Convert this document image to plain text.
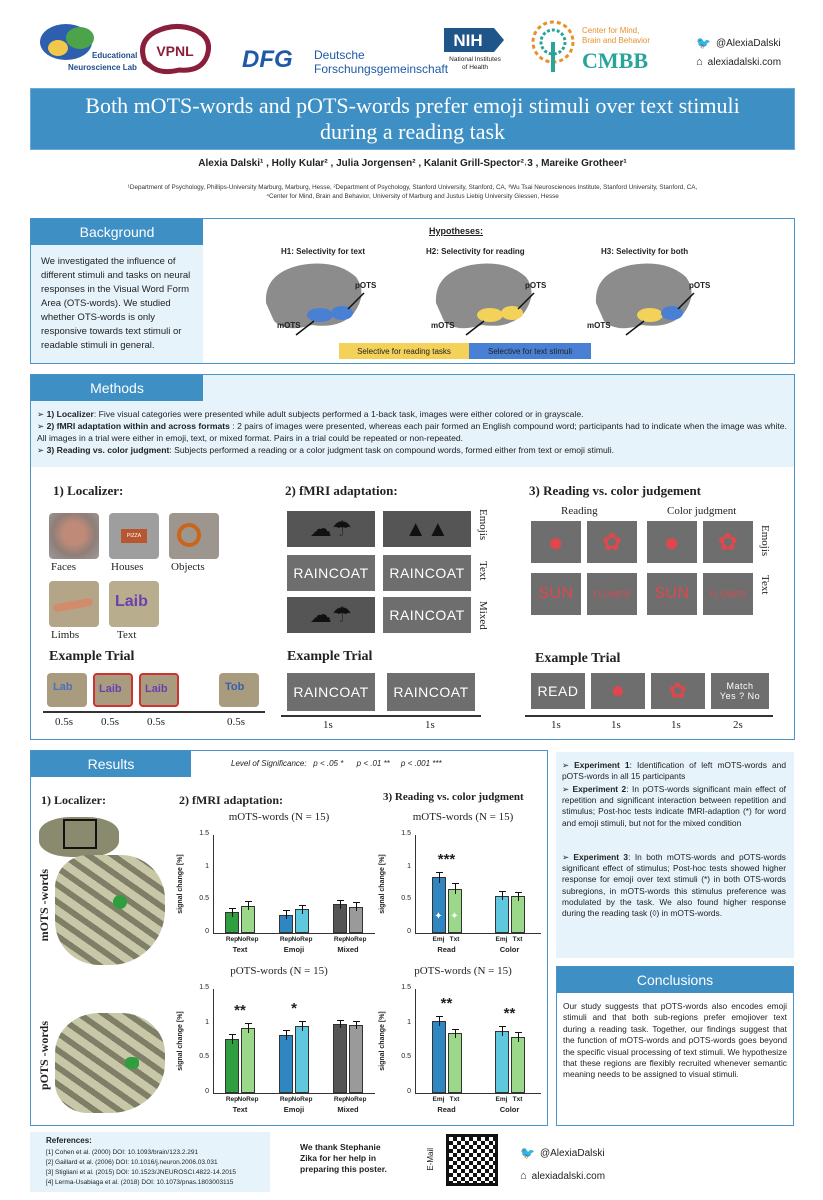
Educational
Neuroscience Lab
VPNL DFG Deutsche
Forschungsgemeinschaft
NIH
National Institutes
of Health
Center for Mind,
Brain and Behavior
CMBB
🐦 @AlexiaDalski
⌂ alexiadalski.com
Both mOTS-words and pOTS-words prefer emoji stimuli over text stimuli
during a reading task
Alexia Dalski¹ , Holly Kular² , Julia Jorgensen² , Kalanit Grill-Spector²˒3 , Mareike Grotheer¹
¹Department of Psychology, Phillips-University Marburg, Marburg, Hesse, ²Department of Psychology, Stanford University, Stanford, CA, ³Wu Tsai Neurosciences Institute, Stanford University, Stanford, CA,
⁴Center for Mind, Brain and Behavior, University of Marburg and Justus Liebig University Giessen, Hesse
Background
We investigated the influence of different stimuli and tasks on neural responses in the Visual Word Form Area (OTS-words). We studied whether OTS-words is only responsive towards text stimuli or readable stimuli in general.
Hypotheses:
H1: Selectivity for text	H2: Selectivity for reading	H3: Selectivity for both
pOTS
mOTS
pOTS
mOTS
pOTS
mOTS
Selective for reading tasks	Selective for text stimuli
Methods
➢ 1) Localizer: Five visual categories were presented while adult subjects performed a 1-back task, images were either colored or in grayscale.
➢ 2) fMRI adaptation within and across formats : 2 pairs of images were presented, whereas each pair formed an English compound word; participants had to indicate when the image was white. All images in a trial were either in emoji, text, or mixed format. Pairs in a trial could be repeated or non-repeated.
➢ 3) Reading vs. color judgment: Subjects performed a reading or a color judgment task on compound words, formed either from text or emoji stimuli.
1) Localizer:
PIZZA
Faces	Houses	Objects
Laib
Limbs	Text
2) fMRI adaptation:
☁☂ ▲▲
RAINCOAT	RAINCOAT
☁☂	RAINCOAT
Emojis
Text
Mixed
3) Reading vs. color judgement
Reading	Color judgment
● ✿ ● ✿
SUN	FLOWER	SUN	FLOWER
Emojis
Text
Example Trial
Lab Laib Laib	Tob
0.5s	0.5s	0.5s	0.5s
Example Trial
RAINCOAT	RAINCOAT
1s	1s
Example Trial
READ ● ✿	Match
Yes ? No
1s	1s	1s	2s
Results	Level of Significance: p < .05 * p < .01 ** p < .001 ***
1) Localizer:	2) fMRI adaptation:	3) Reading vs. color judgment
mOTS -words
pOTS -words
mOTS-words (N = 15)
signal change [%]
0
0.5
1
1.5
Rep NoRep
Text
Rep NoRep
Emoji
Rep NoRep
Mixed
pOTS-words (N = 15)
signal change [%]
0
0.5
1
1.5
Rep NoRep
Text
**
Rep NoRep
Emoji
*
Rep NoRep
Mixed
mOTS-words (N = 15)
signal change [%]
0
0.5
1
1.5
Emj Txt
Read
***
✦ ✦
Emj Txt
Color
pOTS-words (N = 15)
signal change [%]
0
0.5
1
1.5
Emj Txt
Read
**
Emj Txt
Color
**
➢ Experiment 1: Identification of left mOTS-words and pOTS-words in all 15 participants
➢ Experiment 2: In pOTS-words significant main effect of repetition and significant interaction between repetition and stimulus; Post-hoc tests indicate fMRI-adaption (*) for word and emoji stimuli, but not for the mixed condition
➢ Experiment 3: In both mOTS-words and pOTS-words significant effect of stimulus; Post-hoc tests showed higher response for emoji over text stimuli (*) in both OTS-words subregions, in mOTS-words this stimulus preference was modulated by the task. We also found higher response during the reading task (◊) in mOTS-words.
Conclusions
Our study suggests that pOTS-words also encodes emoji stimuli and that both sub-regions prefer emojiover text during a reading task. Together, our findings suggest that the function of mOTS-words and pOTS-words goes beyond the specific visual processing of text stimuli. We hypothesize that these regions are flexibly recruited whenever semantic meaning needs to be assigned to visual stimuli.
References:
[1] Cohen et al. (2000) DOI: 10.1093/brain/123.2.291
[2] Gaillard et al. (2006) DOI: 10.1016/j.neuron.2006.03.031
[3] Stigliani et al. (2015) DOI: 10.1523/JNEUROSCI.4822-14.2015
[4] Lerma-Usabiaga et al. (2018) DOI: 10.1073/pnas.1803003115
We thank Stephanie
Zika for her help in
preparing this poster.	E-Mail	🐦 @AlexiaDalski
⌂ alexiadalski.com
